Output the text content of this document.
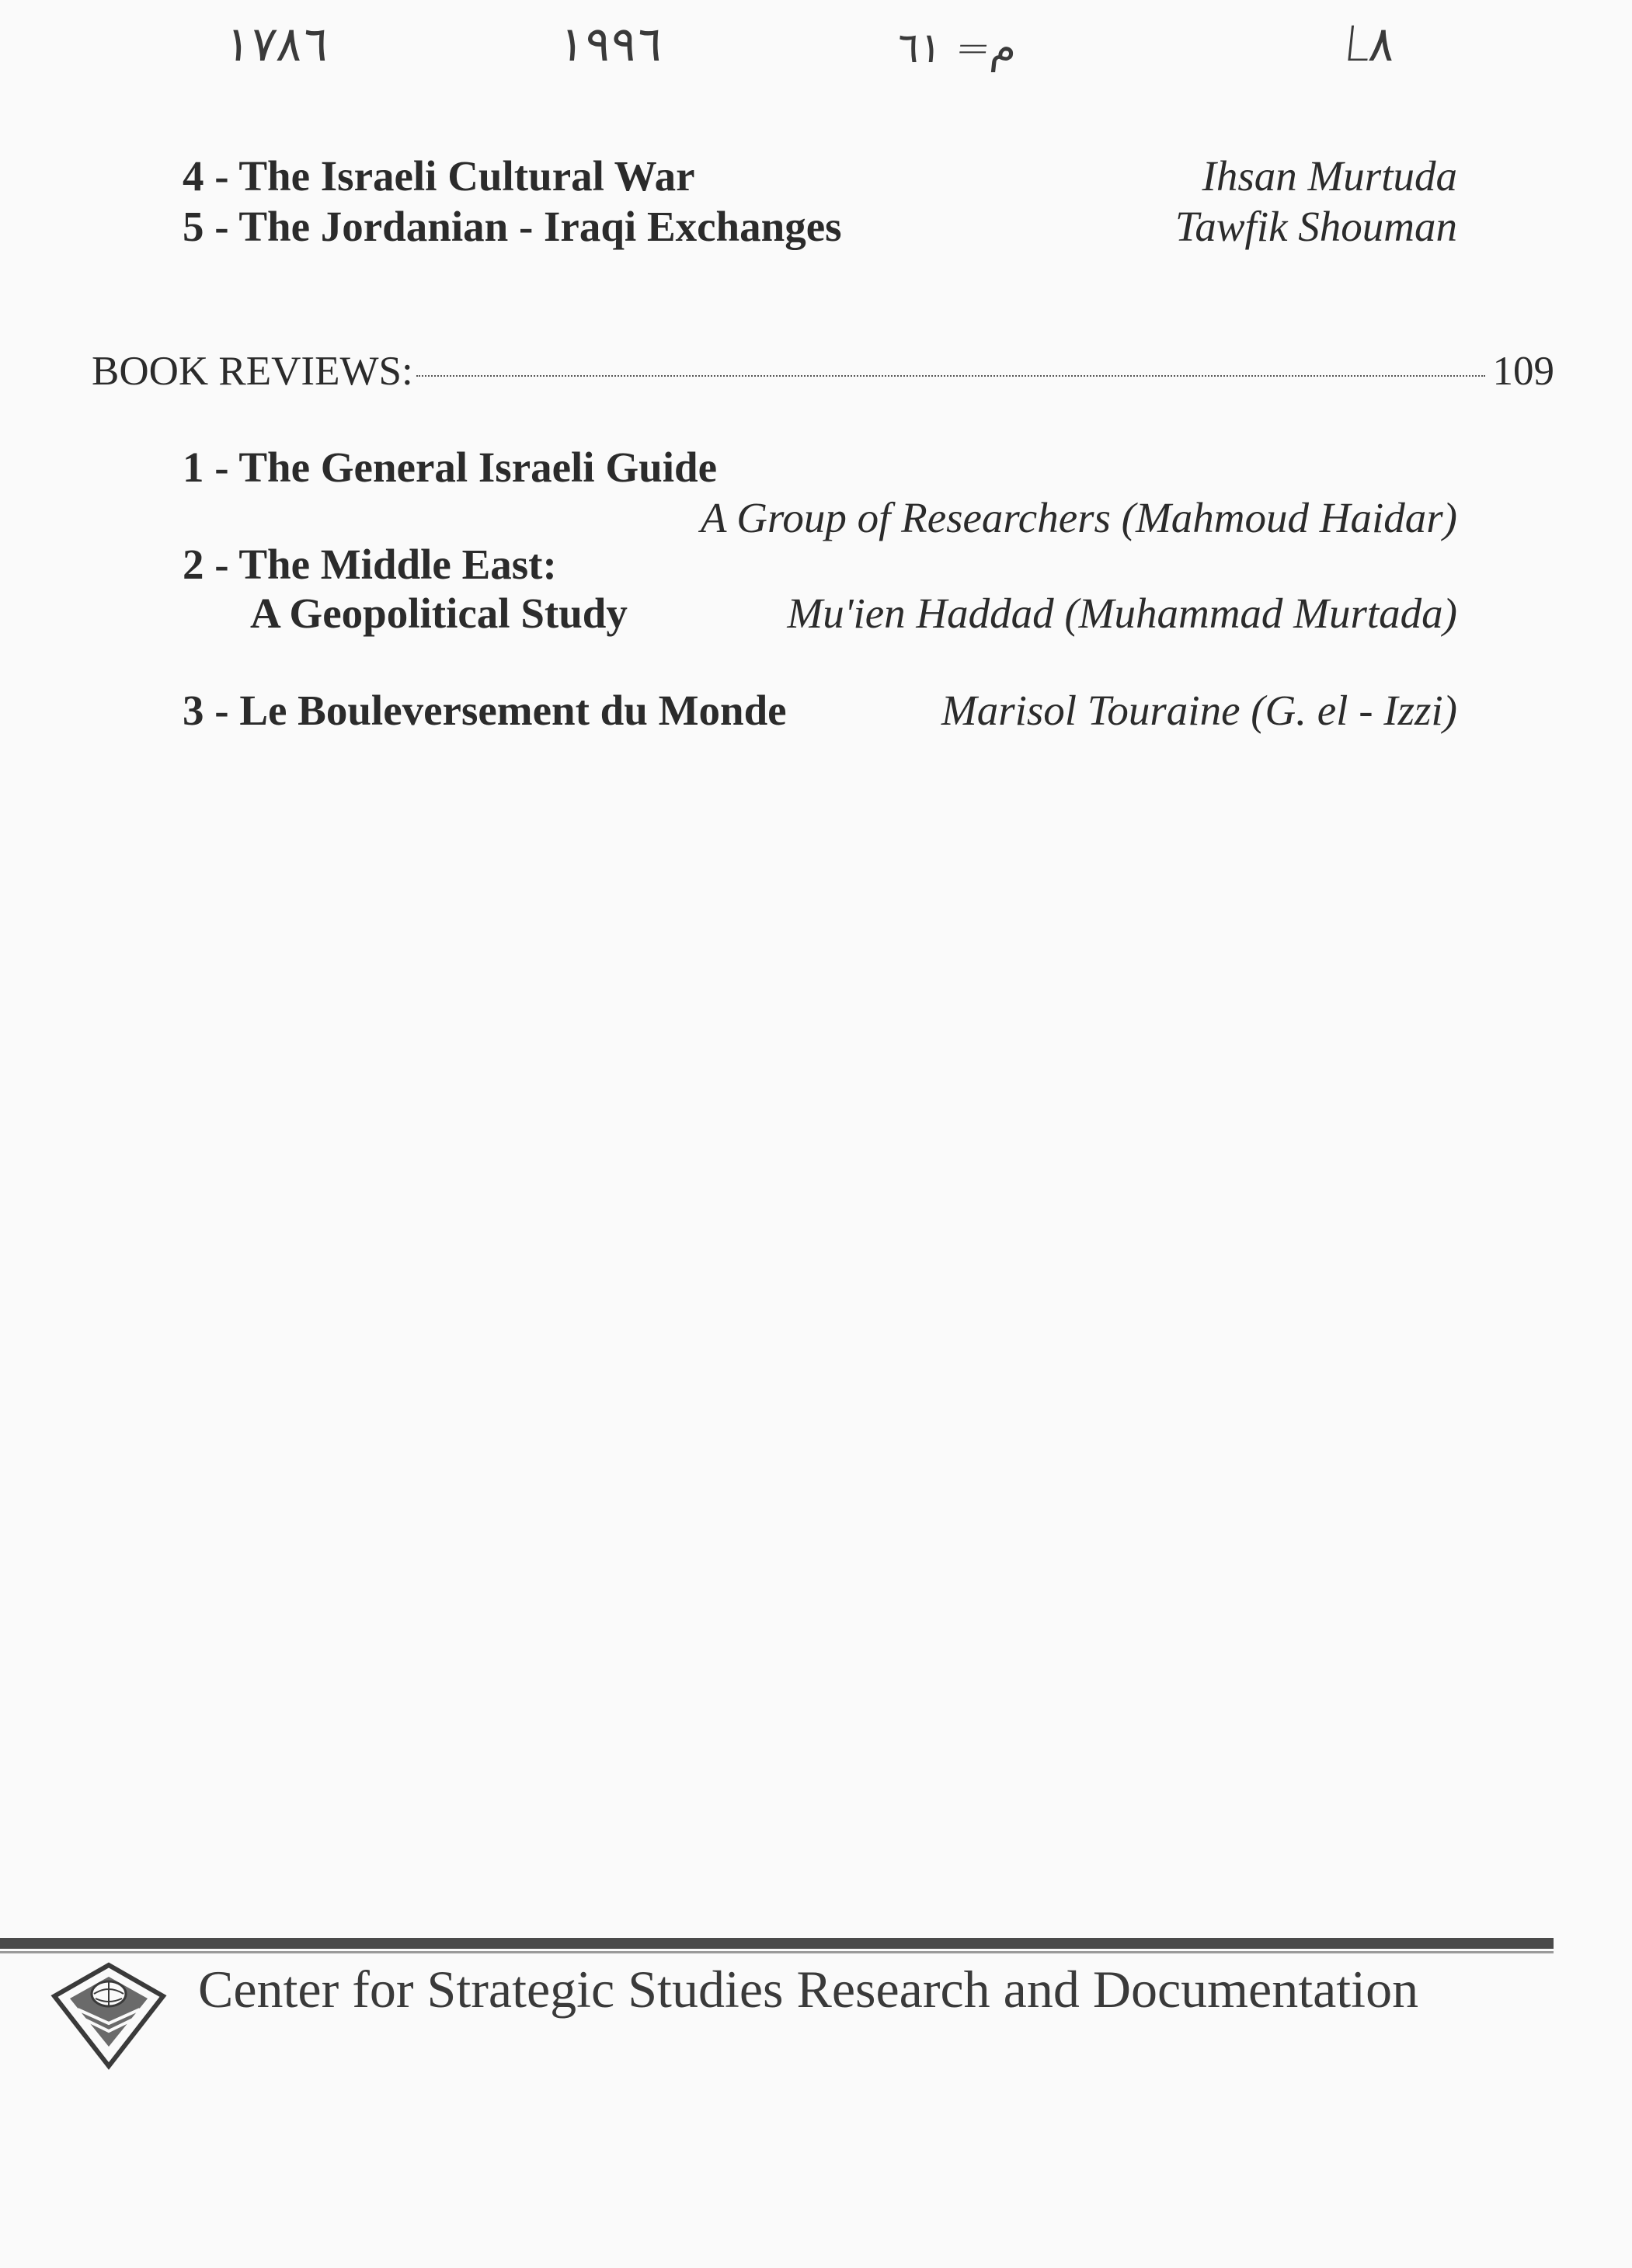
١٧٨٦	١٩٩٦	م= ٦١	L٨
4 - The Israeli Cultural War	Ihsan Murtuda
5 - The Jordanian - Iraqi Exchanges	Tawfik Shouman
BOOK REVIEWS:	109
1 - The General Israeli Guide
A Group of Researchers (Mahmoud Haidar)
2 - The Middle East:
A Geopolitical Study	Mu'ien Haddad (Muhammad Murtada)
3 - Le Bouleversement du Monde	Marisol Touraine (G. el - Izzi)
Center for Strategic Studies Research and Documentation
